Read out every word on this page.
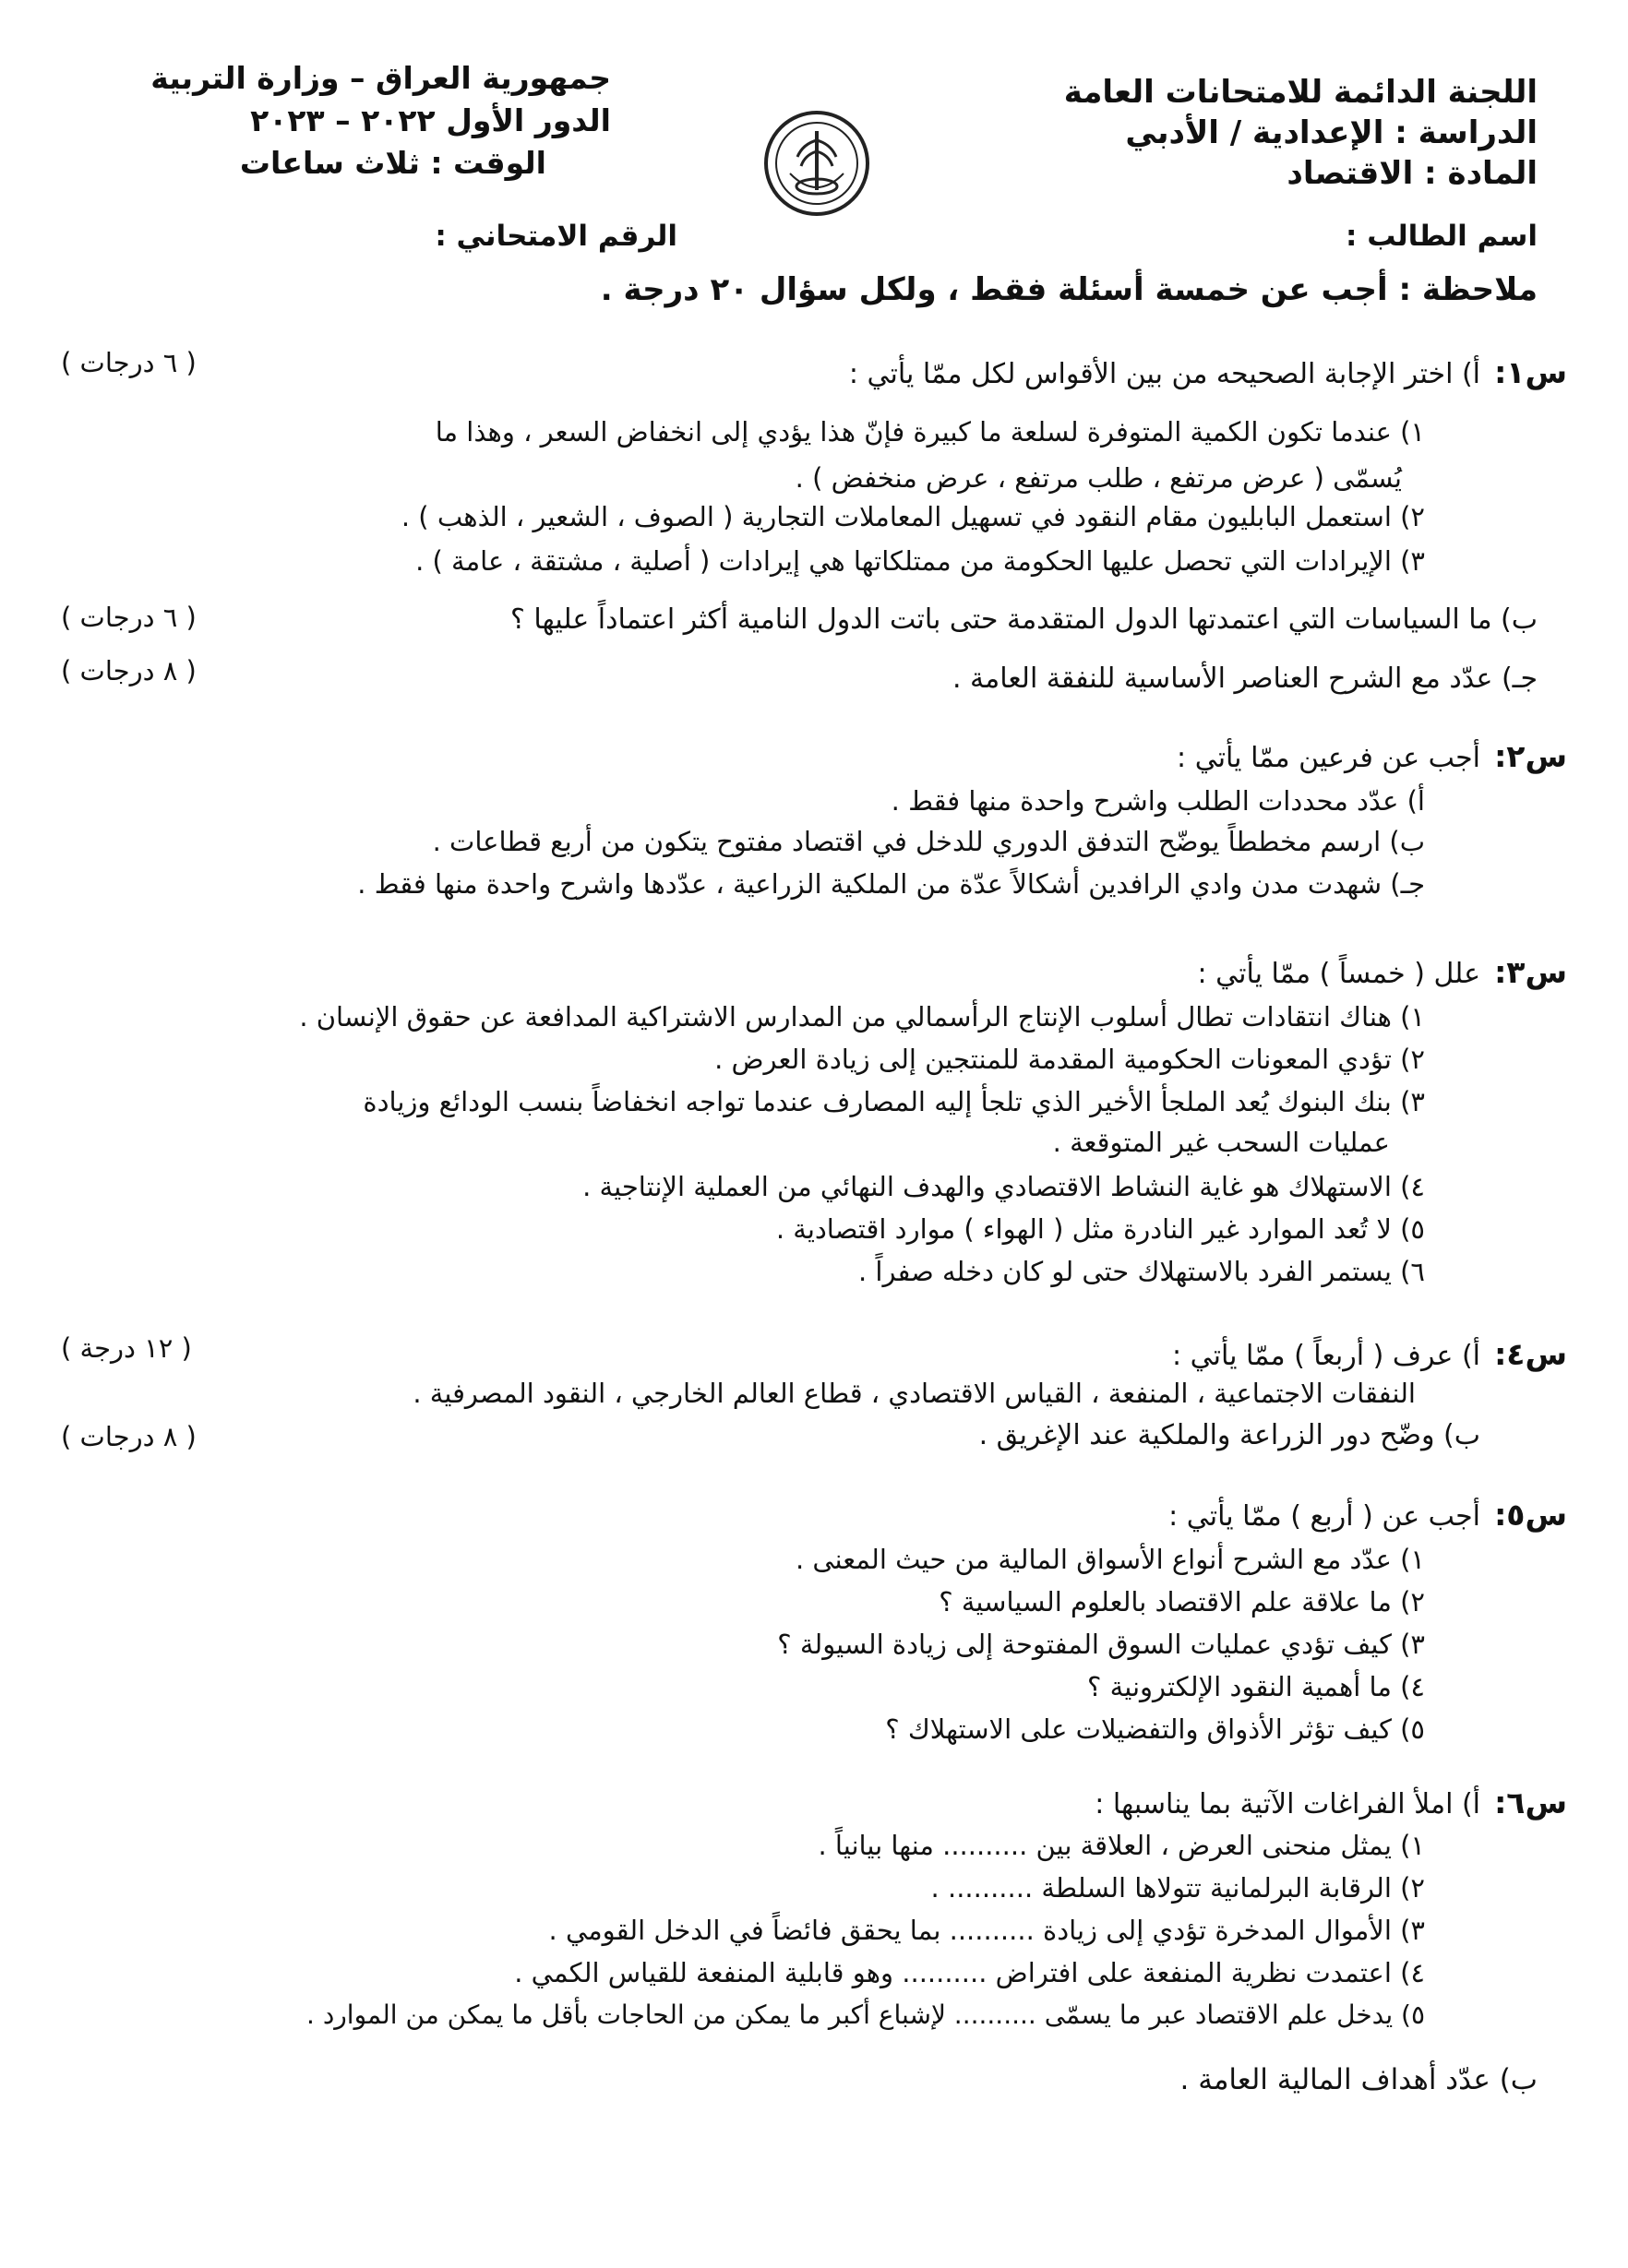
اللجنة الدائمة للامتحانات العامة
الدراسة : الإعدادية / الأدبي
المادة : الاقتصاد
جمهورية العراق – وزارة التربية
الدور الأول ٢٠٢٢ – ٢٠٢٣
الوقت : ثلاث ساعات
اسم الطالب :
الرقم الامتحاني :
ملاحظة : أجب عن خمسة أسئلة فقط ، ولكل سؤال ٢٠ درجة .
س١:
أ) اختر الإجابة الصحيحه من بين الأقواس لكل ممّا يأتي :
( ٦ درجات )
١) عندما تكون الكمية المتوفرة لسلعة ما كبيرة فإنّ هذا يؤدي إلى انخفاض السعر ، وهذا ما
يُسمّى ( عرض مرتفع ، طلب مرتفع ، عرض منخفض ) .
٢) استعمل البابليون مقام النقود في تسهيل المعاملات التجارية ( الصوف ، الشعير ، الذهب ) .
٣) الإيرادات التي تحصل عليها الحكومة من ممتلكاتها هي إيرادات ( أصلية ، مشتقة ، عامة ) .
ب) ما السياسات التي اعتمدتها الدول المتقدمة حتى باتت الدول النامية أكثر اعتماداً عليها ؟
( ٦ درجات )
جـ) عدّد مع الشرح العناصر الأساسية للنفقة العامة .
( ٨ درجات )
س٢:
أجب عن فرعين ممّا يأتي :
أ) عدّد محددات الطلب واشرح واحدة منها فقط .
ب) ارسم مخططاً يوضّح التدفق الدوري للدخل في اقتصاد مفتوح يتكون من أربع قطاعات .
جـ) شهدت مدن وادي الرافدين أشكالاً عدّة من الملكية الزراعية ، عدّدها واشرح واحدة منها فقط .
س٣:
علل ( خمساً ) ممّا يأتي :
١) هناك انتقادات تطال أسلوب الإنتاج الرأسمالي من المدارس الاشتراكية المدافعة عن حقوق الإنسان .
٢) تؤدي المعونات الحكومية المقدمة للمنتجين إلى زيادة العرض .
٣) بنك البنوك يُعد الملجأ الأخير الذي تلجأ إليه المصارف عندما تواجه انخفاضاً بنسب الودائع وزيادة
عمليات السحب غير المتوقعة .
٤) الاستهلاك هو غاية النشاط الاقتصادي والهدف النهائي من العملية الإنتاجية .
٥) لا تُعد الموارد غير النادرة مثل ( الهواء ) موارد اقتصادية .
٦) يستمر الفرد بالاستهلاك حتى لو كان دخله صفراً .
س٤:
أ) عرف ( أربعاً ) ممّا يأتي :
( ١٢ درجة )
النفقات الاجتماعية ، المنفعة ، القياس الاقتصادي ، قطاع العالم الخارجي ، النقود المصرفية .
ب) وضّح دور الزراعة والملكية عند الإغريق .
( ٨ درجات )
س٥:
أجب عن ( أربع ) ممّا يأتي :
١) عدّد مع الشرح أنواع الأسواق المالية من حيث المعنى .
٢) ما علاقة علم الاقتصاد بالعلوم السياسية ؟
٣) كيف تؤدي عمليات السوق المفتوحة إلى زيادة السيولة ؟
٤) ما أهمية النقود الإلكترونية ؟
٥) كيف تؤثر الأذواق والتفضيلات على الاستهلاك ؟
س٦:
أ) املأ الفراغات الآتية بما يناسبها :
١) يمثل منحنى العرض ، العلاقة بين .......... منها بيانياً .
٢) الرقابة البرلمانية تتولاها السلطة .......... .
٣) الأموال المدخرة تؤدي إلى زيادة .......... بما يحقق فائضاً في الدخل القومي .
٤) اعتمدت نظرية المنفعة على افتراض .......... وهو قابلية المنفعة للقياس الكمي .
٥) يدخل علم الاقتصاد عبر ما يسمّى .......... لإشباع أكبر ما يمكن من الحاجات بأقل ما يمكن من الموارد .
ب) عدّد أهداف المالية العامة .
